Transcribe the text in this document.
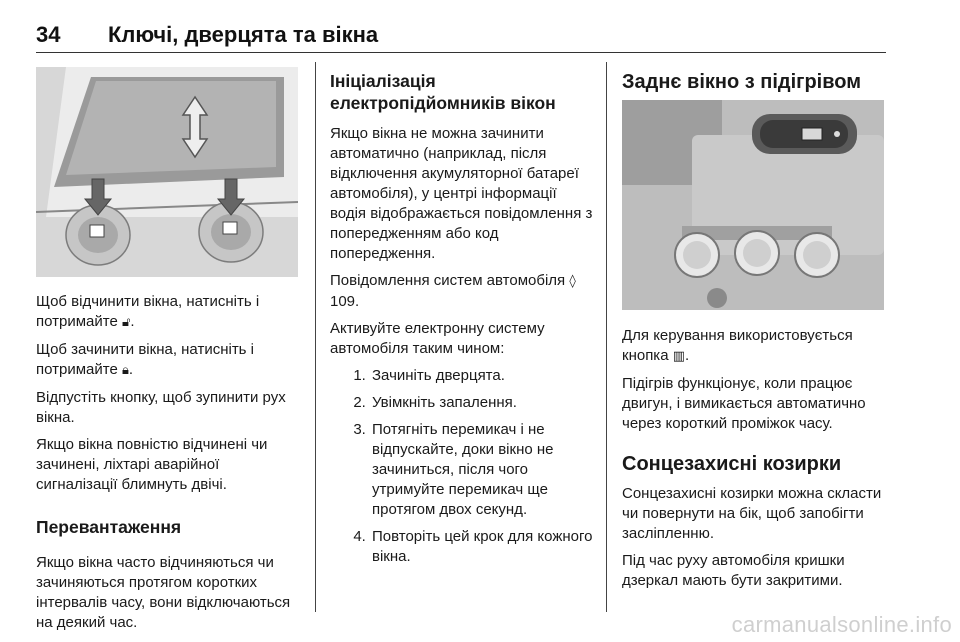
34 Ключі, дверцята та вікна

Щоб відчинити вікна, натисніть і потримайте 🔓︎.

Щоб зачинити вікна, натисніть і потримайте 🔒︎.

Відпустіть кнопку, щоб зупинити рух вікна.

Якщо вікна повністю відчинені чи зачинені, ліхтарі аварійної сигналізації блимнуть двічі.

Перевантаження

Якщо вікна часто відчиняються чи зачиняються протягом коротких інтервалів часу, вони відключаються на деякий час.

Ініціалізація
електропідйомників вікон

Якщо вікна не можна зачинити автоматично (наприклад, після відключення акумуляторної батареї автомобіля), у центрі інформації водія відображається повідомлення з попередженням або код попередження.

Повідомлення систем автомобіля ◊ 109.

Активуйте електронну систему автомобіля таким чином:

1. Зачиніть дверцята.
2. Увімкніть запалення.
3. Потягніть перемикач і не відпускайте, доки вікно не зачиниться, після чого утримуйте перемикач ще протягом двох секунд.
4. Повторіть цей крок для кожного вікна.
Заднє вікно з підігрівом

Для керування використовується кнопка ▥.

Підігрів функціонує, коли працює двигун, і вимикається автоматично через короткий проміжок часу.

Сонцезахисні козирки

Сонцезахисні козирки можна скласти чи повернути на бік, щоб запобігти засліпленню.

Під час руху автомобіля кришки дзеркал мають бути закритими.

carmanualsonline.info
